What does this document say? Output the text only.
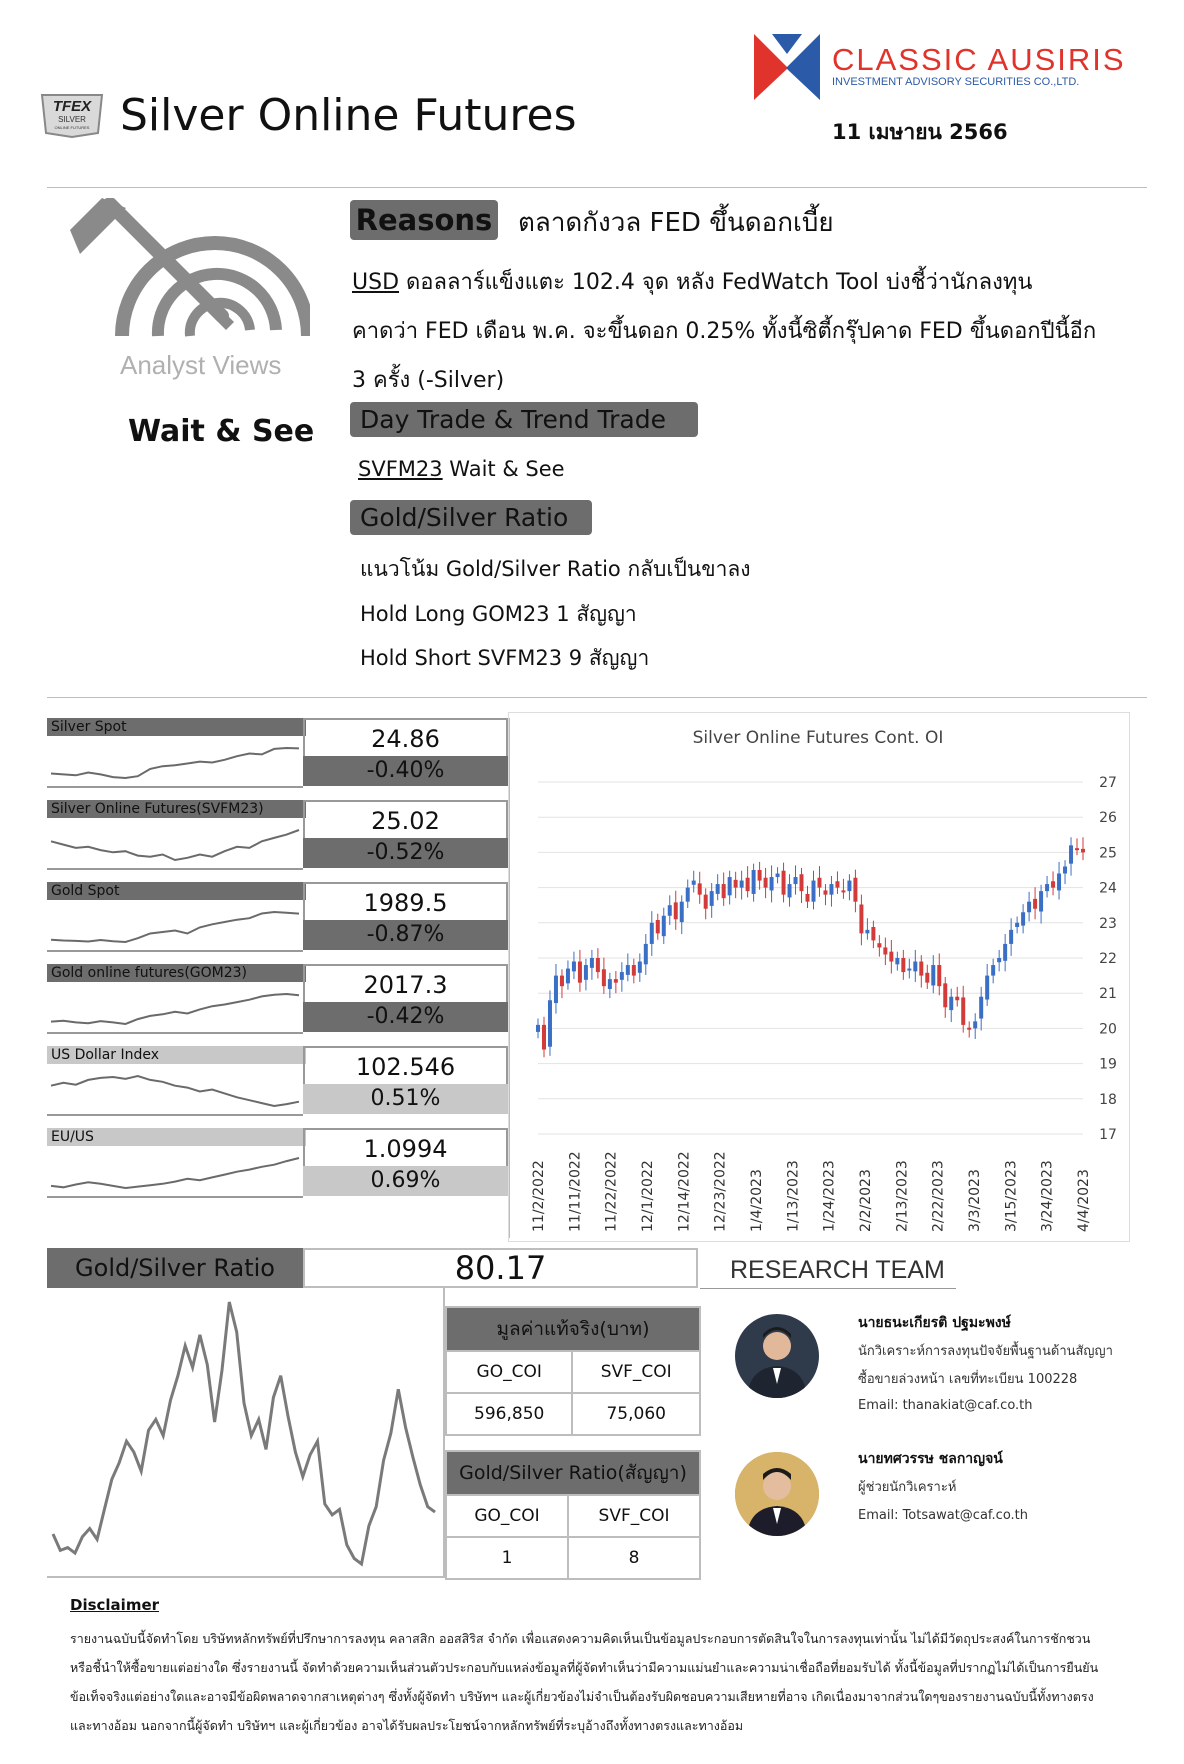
TFEX
SILVER
ONLINE FUTURES Silver Online Futures
CLASSIC AUSIRIS
INVESTMENT ADVISORY SECURITIES CO.,LTD.
11 เมษายน 2566
Analyst Views
Wait & See
Reasons ตลาดกังวล FED ขึ้นดอกเบี้ย
USD ดอลลาร์แข็งแตะ 102.4 จุด หลัง FedWatch Tool บ่งชี้ว่านักลงทุน
คาดว่า FED เดือน พ.ค. จะขึ้นดอก 0.25% ทั้งนี้ซิตี้กรุ๊ปคาด FED ขึ้นดอกปีนี้อีก
3 ครั้ง (-Silver)
Day Trade & Trend Trade
SVFM23 Wait & See
Gold/Silver Ratio
แนวโน้ม Gold/Silver Ratio กลับเป็นขาลง
Hold Long GOM23 1 สัญญา
Hold Short SVFM23 9 สัญญา
Silver Spot	24.86
-0.40%
Silver Online Futures(SVFM23)	25.02
-0.52%
Gold Spot	1989.5
-0.87%
Gold online futures(GOM23)	2017.3
-0.42%
US Dollar Index	102.546
0.51%
EU/US	1.0994
0.69%
Silver Online Futures Cont. OI
17
18
19
20
21
22
23
24
25
26
27
11/2/2022 11/11/2022 11/22/2022 12/1/2022 12/14/2022 12/23/2022 1/4/2023 1/13/2023 1/24/2023 2/2/2023 2/13/2023 2/22/2023 3/3/2023 3/15/2023 3/24/2023 4/4/2023
Gold/Silver Ratio	80.17
มูลค่าแท้จริง(บาท)	
GO_COI	SVF_COI
596,850	75,060
Gold/Silver Ratio(สัญญา)	
GO_COI	SVF_COI
1	8
RESEARCH TEAM
นายธนะเกียรติ ปฐมะพงษ์
นักวิเคราะห์การลงทุนปัจจัยพื้นฐานด้านสัญญา
ซื้อขายล่วงหน้า เลขที่ทะเบียน 100228
Email: thanakiat@caf.co.th
นายทศวรรษ ชลกาญจน์
ผู้ช่วยนักวิเคราะห์
Email: Totsawat@caf.co.th
Disclaimer
รายงานฉบับนี้จัดทำโดย บริษัทหลักทรัพย์ที่ปรึกษาการลงทุน คลาสสิก ออสสิริส จำกัด เพื่อแสดงความคิดเห็นเป็นข้อมูลประกอบการตัดสินใจในการลงทุนเท่านั้น ไม่ได้มีวัตถุประสงค์ในการชักชวน
หรือชี้นำให้ซื้อขายแต่อย่างใด ซึ่งรายงานนี้ จัดทำด้วยความเห็นส่วนตัวประกอบกับแหล่งข้อมูลที่ผู้จัดทำเห็นว่ามีความแม่นยำและความน่าเชื่อถือที่ยอมรับได้ ทั้งนี้ข้อมูลที่ปรากฏไม่ได้เป็นการยืนยัน
ข้อเท็จจริงแต่อย่างใดและอาจมีข้อผิดพลาดจากสาเหตุต่างๆ ซึ่งทั้งผู้จัดทำ บริษัทฯ และผู้เกี่ยวข้องไม่จำเป็นต้องรับผิดชอบความเสียหายที่อาจ เกิดเนื่องมาจากส่วนใดๆของรายงานฉบับนี้ทั้งทางตรง
และทางอ้อม นอกจากนี้ผู้จัดทำ บริษัทฯ และผู้เกี่ยวข้อง อาจได้รับผลประโยชน์จากหลักทรัพย์ที่ระบุอ้างถึงทั้งทางตรงและทางอ้อม
